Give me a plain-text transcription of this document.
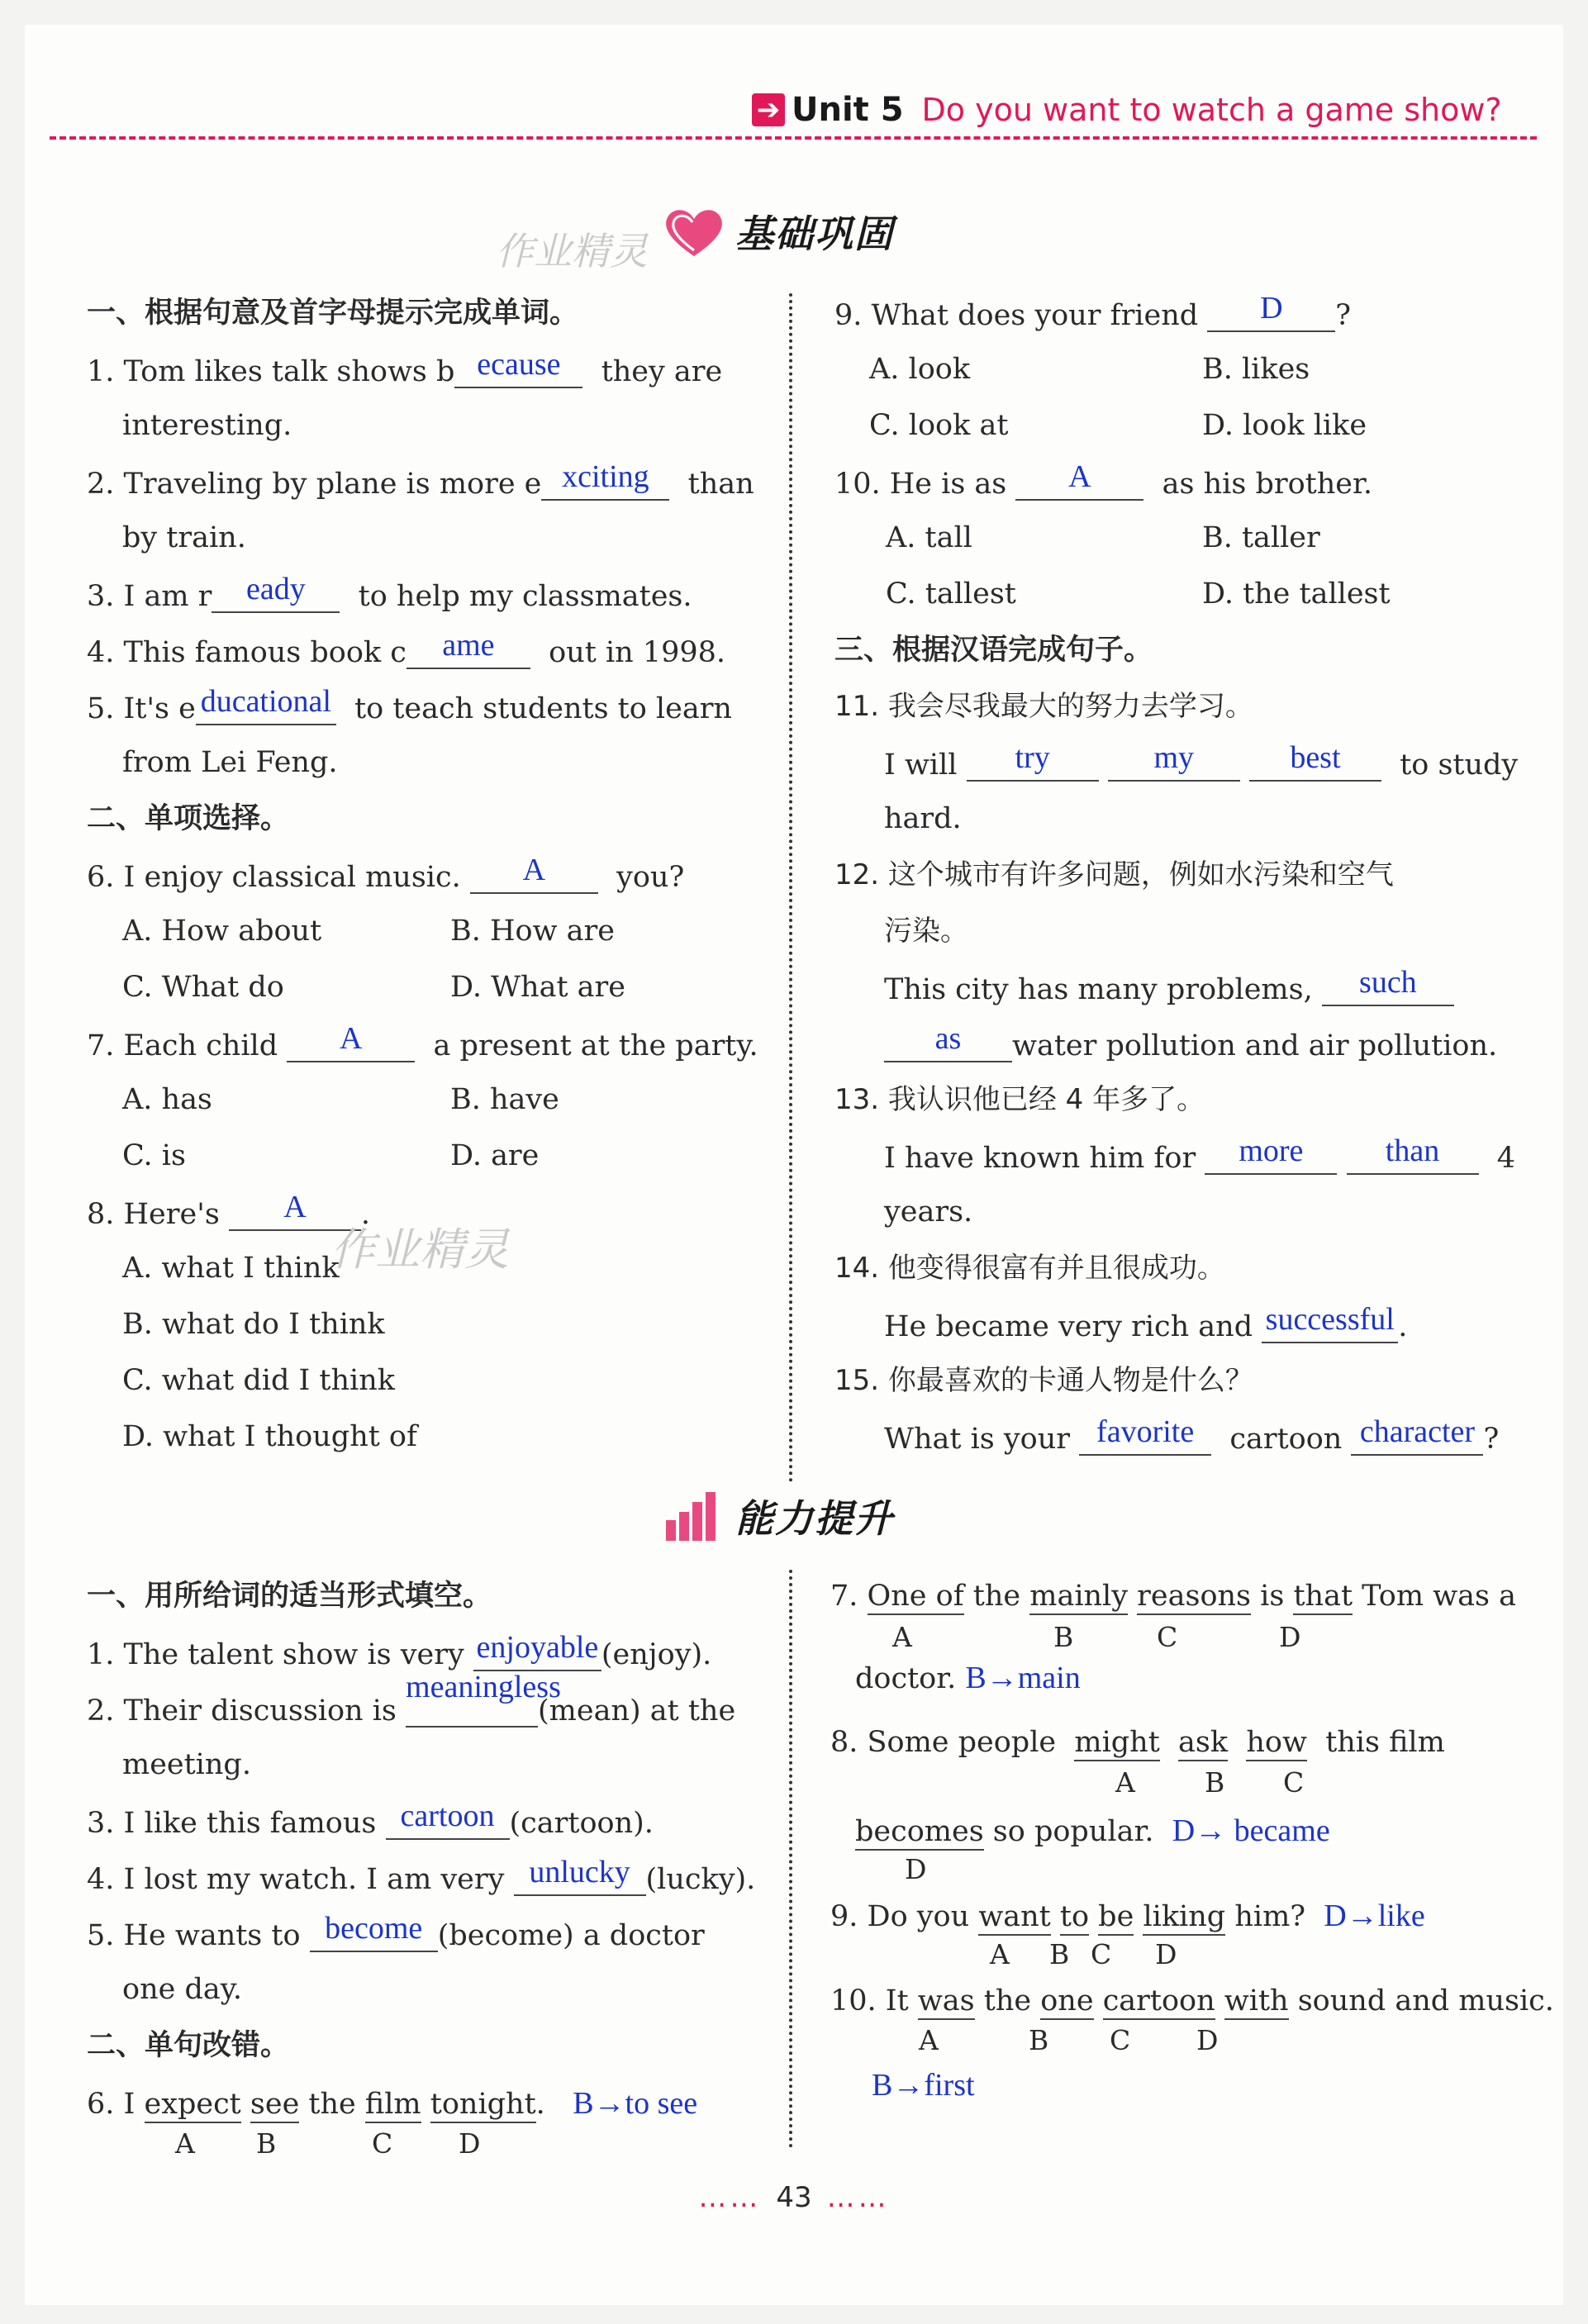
➔ Unit 5 Do you want to watch a game show?
作业精灵 基础巩固
一、根据句意及首字母提示完成单词。
1. Tom likes talk shows b ecause they are
interesting.
2. Traveling by plane is more e xciting than
by train.
3. I am r eady to help my classmates.
4. This famous book c ame out in 1998.
5. It's e ducational to teach students to learn
from Lei Feng.
二、单项选择。
6. I enjoy classical music. A you?
A. How about	B. How are
C. What do	D. What are
7. Each child A a present at the party.
A. has	B. have
C. is	D. are
8. Here's A .
作业精灵
A. what I think
B. what do I think
C. what did I think
D. what I thought of
9. What does your friend D ?
A. look	B. likes
C. look at	D. look like
10. He is as A as his brother.
A. tall	B. taller
C. tallest	D. the tallest
三、根据汉语完成句子。
11. 我会尽我最大的努力去学习。
I will try	my	best to study
hard.
12. 这个城市有许多问题，例如水污染和空气
污染。
This city has many problems, such
as water pollution and air pollution.
13. 我认识他已经 4 年多了。
I have known him for more	than 4
years.
14. 他变得很富有并且很成功。
He became very rich and successful .
15. 你最喜欢的卡通人物是什么？
What is your favorite cartoon character ?
能力提升
一、用所给词的适当形式填空。
1. The talent show is very enjoyable (enjoy).
2. Their discussion is meaningless(mean) at the
meeting.
3. I like this famous cartoon (cartoon).
4. I lost my watch. I am very unlucky (lucky).
5. He wants to become (become) a doctor
one day.
二、单句改错。
6. I expect see the film tonight. B→to see
A B	C D
7. One of the mainly reasons is that Tom was a
A	B	C	D
doctor. B→main
8. Some people might ask how this film
A	B C
becomes so popular. D→ became
D
9. Do you want to be liking him? D→like
A B C D
10. It was the one cartoon with sound and music.
A	B C D
B→first
…… 43 ……
